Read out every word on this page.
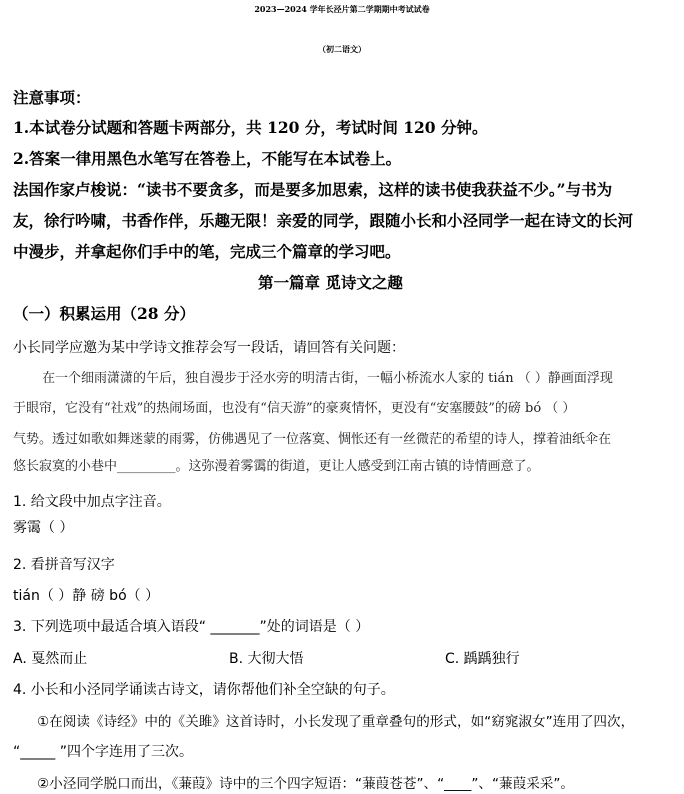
2023—2024 学年长泾片第二学期期中考试试卷
（初二语文）
注意事项：
1.本试卷分试题和答题卡两部分，共 120 分，考试时间 120 分钟。
2.答案一律用黑色水笔写在答卷上，不能写在本试卷上。
法国作家卢梭说：“读书不要贪多，而是要多加思索，这样的读书使我获益不少。”与书为
友，徐行吟啸，书香作伴，乐趣无限！亲爱的同学，跟随小长和小泾同学一起在诗文的长河
中漫步，并拿起你们手中的笔，完成三个篇章的学习吧。
第一篇章 觅诗文之趣
（一）积累运用（28 分）
小长同学应邀为某中学诗文推荐会写一段话，请回答有关问题：
在一个细雨潇潇的午后，独自漫步于泾水旁的明清古街，一幅小桥流水人家的 tián （ ）静画面浮现
于眼帘，它没有“社戏”的热闹场面，也没有“信天游”的豪爽情怀，更没有“安塞腰鼓”的磅 bó （ ）
气势。透过如歌如舞迷蒙的雨雾，仿佛遇见了一位落寞、惆怅还有一丝微茫的希望的诗人，撑着油纸伞在
悠长寂寞的小巷中_________。这弥漫着雾霭的街道，更让人感受到江南古镇的诗情画意了。
1. 给文段中加点字注音。
雾霭（ ）
2. 看拼音写汉字
tián（ ）静 磅 bó（ ）
3. 下列选项中最适合填入语段“ _______”处的词语是（ ）
A. 戛然而止	B. 大彻大悟	C. 踽踽独行
4. 小长和小泾同学诵读古诗文，请你帮他们补全空缺的句子。
①在阅读《诗经》中的《关雎》这首诗时，小长发现了重章叠句的形式，如“窈窕淑女”连用了四次，
“_____ ”四个字连用了三次。
②小泾同学脱口而出，《蒹葭》诗中的三个四字短语：“蒹葭苍苍”、“____”、“蒹葭采采”。
